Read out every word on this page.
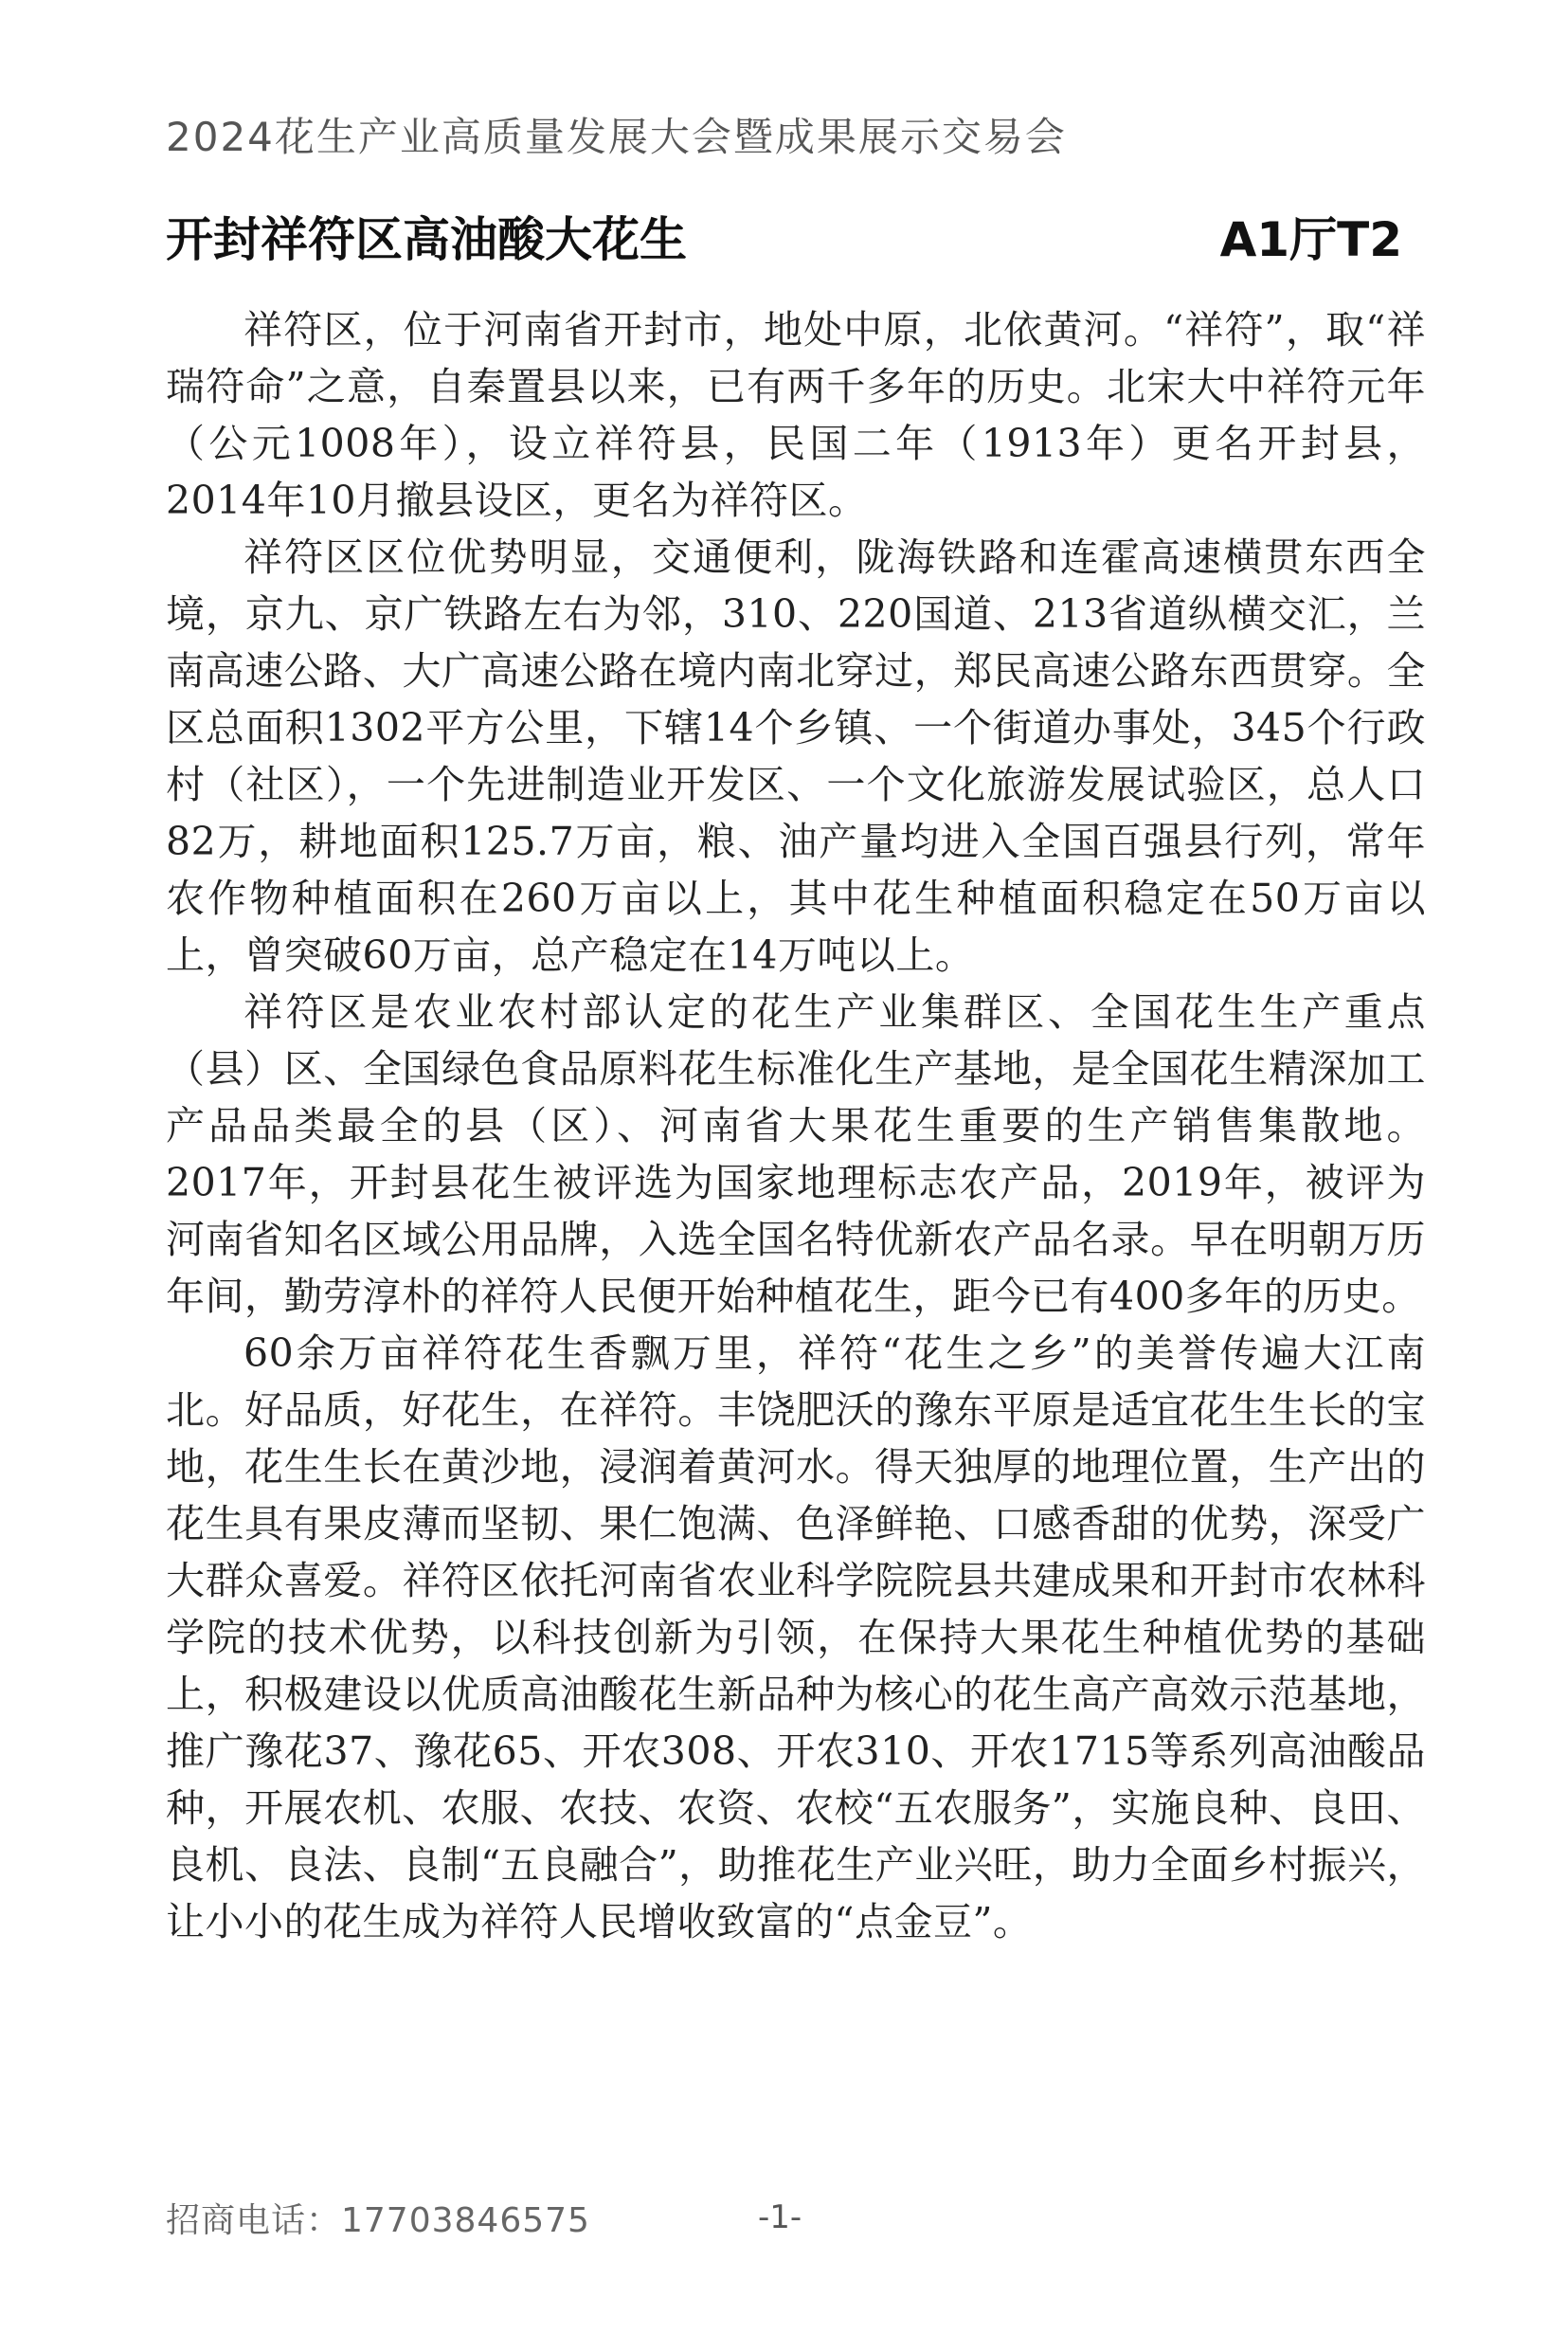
2024花生产业高质量发展大会暨成果展示交易会
开封祥符区高油酸大花生	A1厅T2

祥符区，位于河南省开封市，地处中原，北依黄河。“祥符”，取“祥瑞符命”之意，自秦置县以来，已有两千多年的历史。北宋大中祥符元年（公元1008年），设立祥符县，民国二年（1913年）更名开封县，2014年10月撤县设区，更名为祥符区。

祥符区区位优势明显，交通便利，陇海铁路和连霍高速横贯东西全境，京九、京广铁路左右为邻，310、220国道、213省道纵横交汇，兰南高速公路、大广高速公路在境内南北穿过，郑民高速公路东西贯穿。全区总面积1302平方公里，下辖14个乡镇、一个街道办事处，345个行政村（社区），一个先进制造业开发区、一个文化旅游发展试验区，总人口82万，耕地面积125.7万亩，粮、油产量均进入全国百强县行列，常年农作物种植面积在260万亩以上，其中花生种植面积稳定在50万亩以上，曾突破60万亩，总产稳定在14万吨以上。

祥符区是农业农村部认定的花生产业集群区、全国花生生产重点（县）区、全国绿色食品原料花生标准化生产基地，是全国花生精深加工产品品类最全的县（区）、河南省大果花生重要的生产销售集散地。2017年，开封县花生被评选为国家地理标志农产品，2019年，被评为河南省知名区域公用品牌，入选全国名特优新农产品名录。早在明朝万历年间，勤劳淳朴的祥符人民便开始种植花生，距今已有400多年的历史。

60余万亩祥符花生香飘万里，祥符“花生之乡”的美誉传遍大江南北。好品质，好花生，在祥符。丰饶肥沃的豫东平原是适宜花生生长的宝地，花生生长在黄沙地，浸润着黄河水。得天独厚的地理位置，生产出的花生具有果皮薄而坚韧、果仁饱满、色泽鲜艳、口感香甜的优势，深受广大群众喜爱。祥符区依托河南省农业科学院院县共建成果和开封市农林科学院的技术优势，以科技创新为引领，在保持大果花生种植优势的基础上，积极建设以优质高油酸花生新品种为核心的花生高产高效示范基地，推广豫花37、豫花65、开农308、开农310、开农1715等系列高油酸品种，开展农机、农服、农技、农资、农校“五农服务”，实施良种、良田、良机、良法、良制“五良融合”，助推花生产业兴旺，助力全面乡村振兴，让小小的花生成为祥符人民增收致富的“点金豆”。

招商电话：17703846575	-1-
